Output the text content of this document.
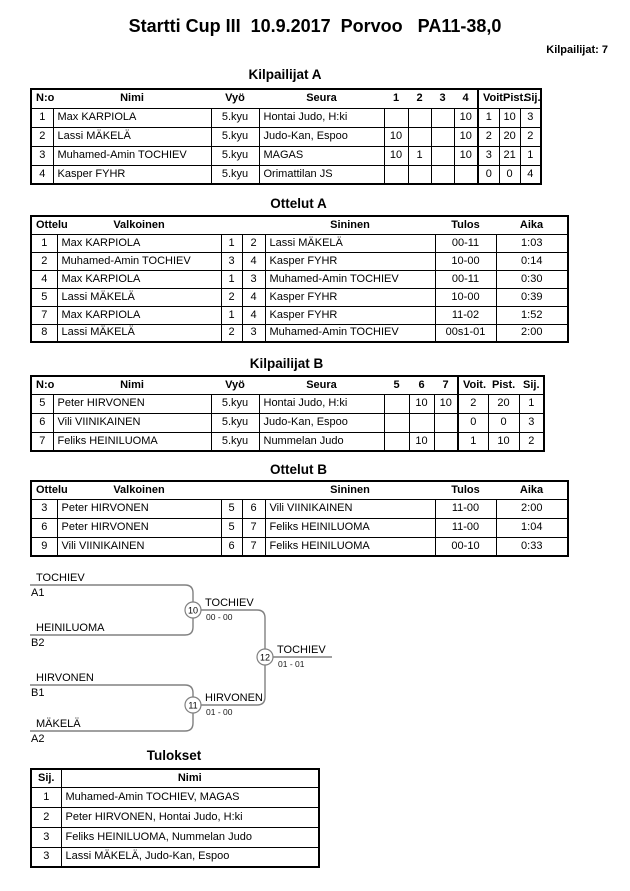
Startti Cup III  10.9.2017  Porvoo   PA11-38,0
Kilpailijat: 7
Kilpailijat A
N:o	Nimi	Vyö	Seura	1	2	3	4	Voit.	Pist.	Sij.
1	Max KARPIOLA	5.kyu	Hontai Judo, H:ki				10	1	10	3
2	Lassi MÄKELÄ	5.kyu	Judo-Kan, Espoo	10			10	2	20	2
3	Muhamed-Amin TOCHIEV	5.kyu	MAGAS	10	1		10	3	21	1
4	Kasper FYHR	5.kyu	Orimattilan JS					0	0	4
Ottelut A
Ottelu	Valkoinen			Sininen	Tulos	Aika
1	Max KARPIOLA	1	2	Lassi MÄKELÄ	00-11	1:03
2	Muhamed-Amin TOCHIEV	3	4	Kasper FYHR	10-00	0:14
4	Max KARPIOLA	1	3	Muhamed-Amin TOCHIEV	00-11	0:30
5	Lassi MÄKELÄ	2	4	Kasper FYHR	10-00	0:39
7	Max KARPIOLA	1	4	Kasper FYHR	11-02	1:52
8	Lassi MÄKELÄ	2	3	Muhamed-Amin TOCHIEV	00s1-01	2:00
Kilpailijat B
N:o	Nimi	Vyö	Seura	5	6	7	Voit.	Pist.	Sij.
5	Peter HIRVONEN	5.kyu	Hontai Judo, H:ki		10	10	2	20	1
6	Vili VIINIKAINEN	5.kyu	Judo-Kan, Espoo				0	0	3
7	Feliks HEINILUOMA	5.kyu	Nummelan Judo		10		1	10	2
Ottelut B
Ottelu	Valkoinen			Sininen	Tulos	Aika
3	Peter HIRVONEN	5	6	Vili VIINIKAINEN	11-00	2:00
6	Peter HIRVONEN	5	7	Feliks HEINILUOMA	11-00	1:04
9	Vili VIINIKAINEN	6	7	Feliks HEINILUOMA	00-10	0:33
TOCHIEV
A1
HEINILUOMA
B2
10
TOCHIEV
00 - 00
HIRVONEN
B1
MÄKELÄ
A2
11
HIRVONEN
01 - 00
12
TOCHIEV
01 - 01
Tulokset
Sij.	Nimi
1	Muhamed-Amin TOCHIEV, MAGAS
2	Peter HIRVONEN, Hontai Judo, H:ki
3	Feliks HEINILUOMA, Nummelan Judo
3	Lassi MÄKELÄ, Judo-Kan, Espoo
